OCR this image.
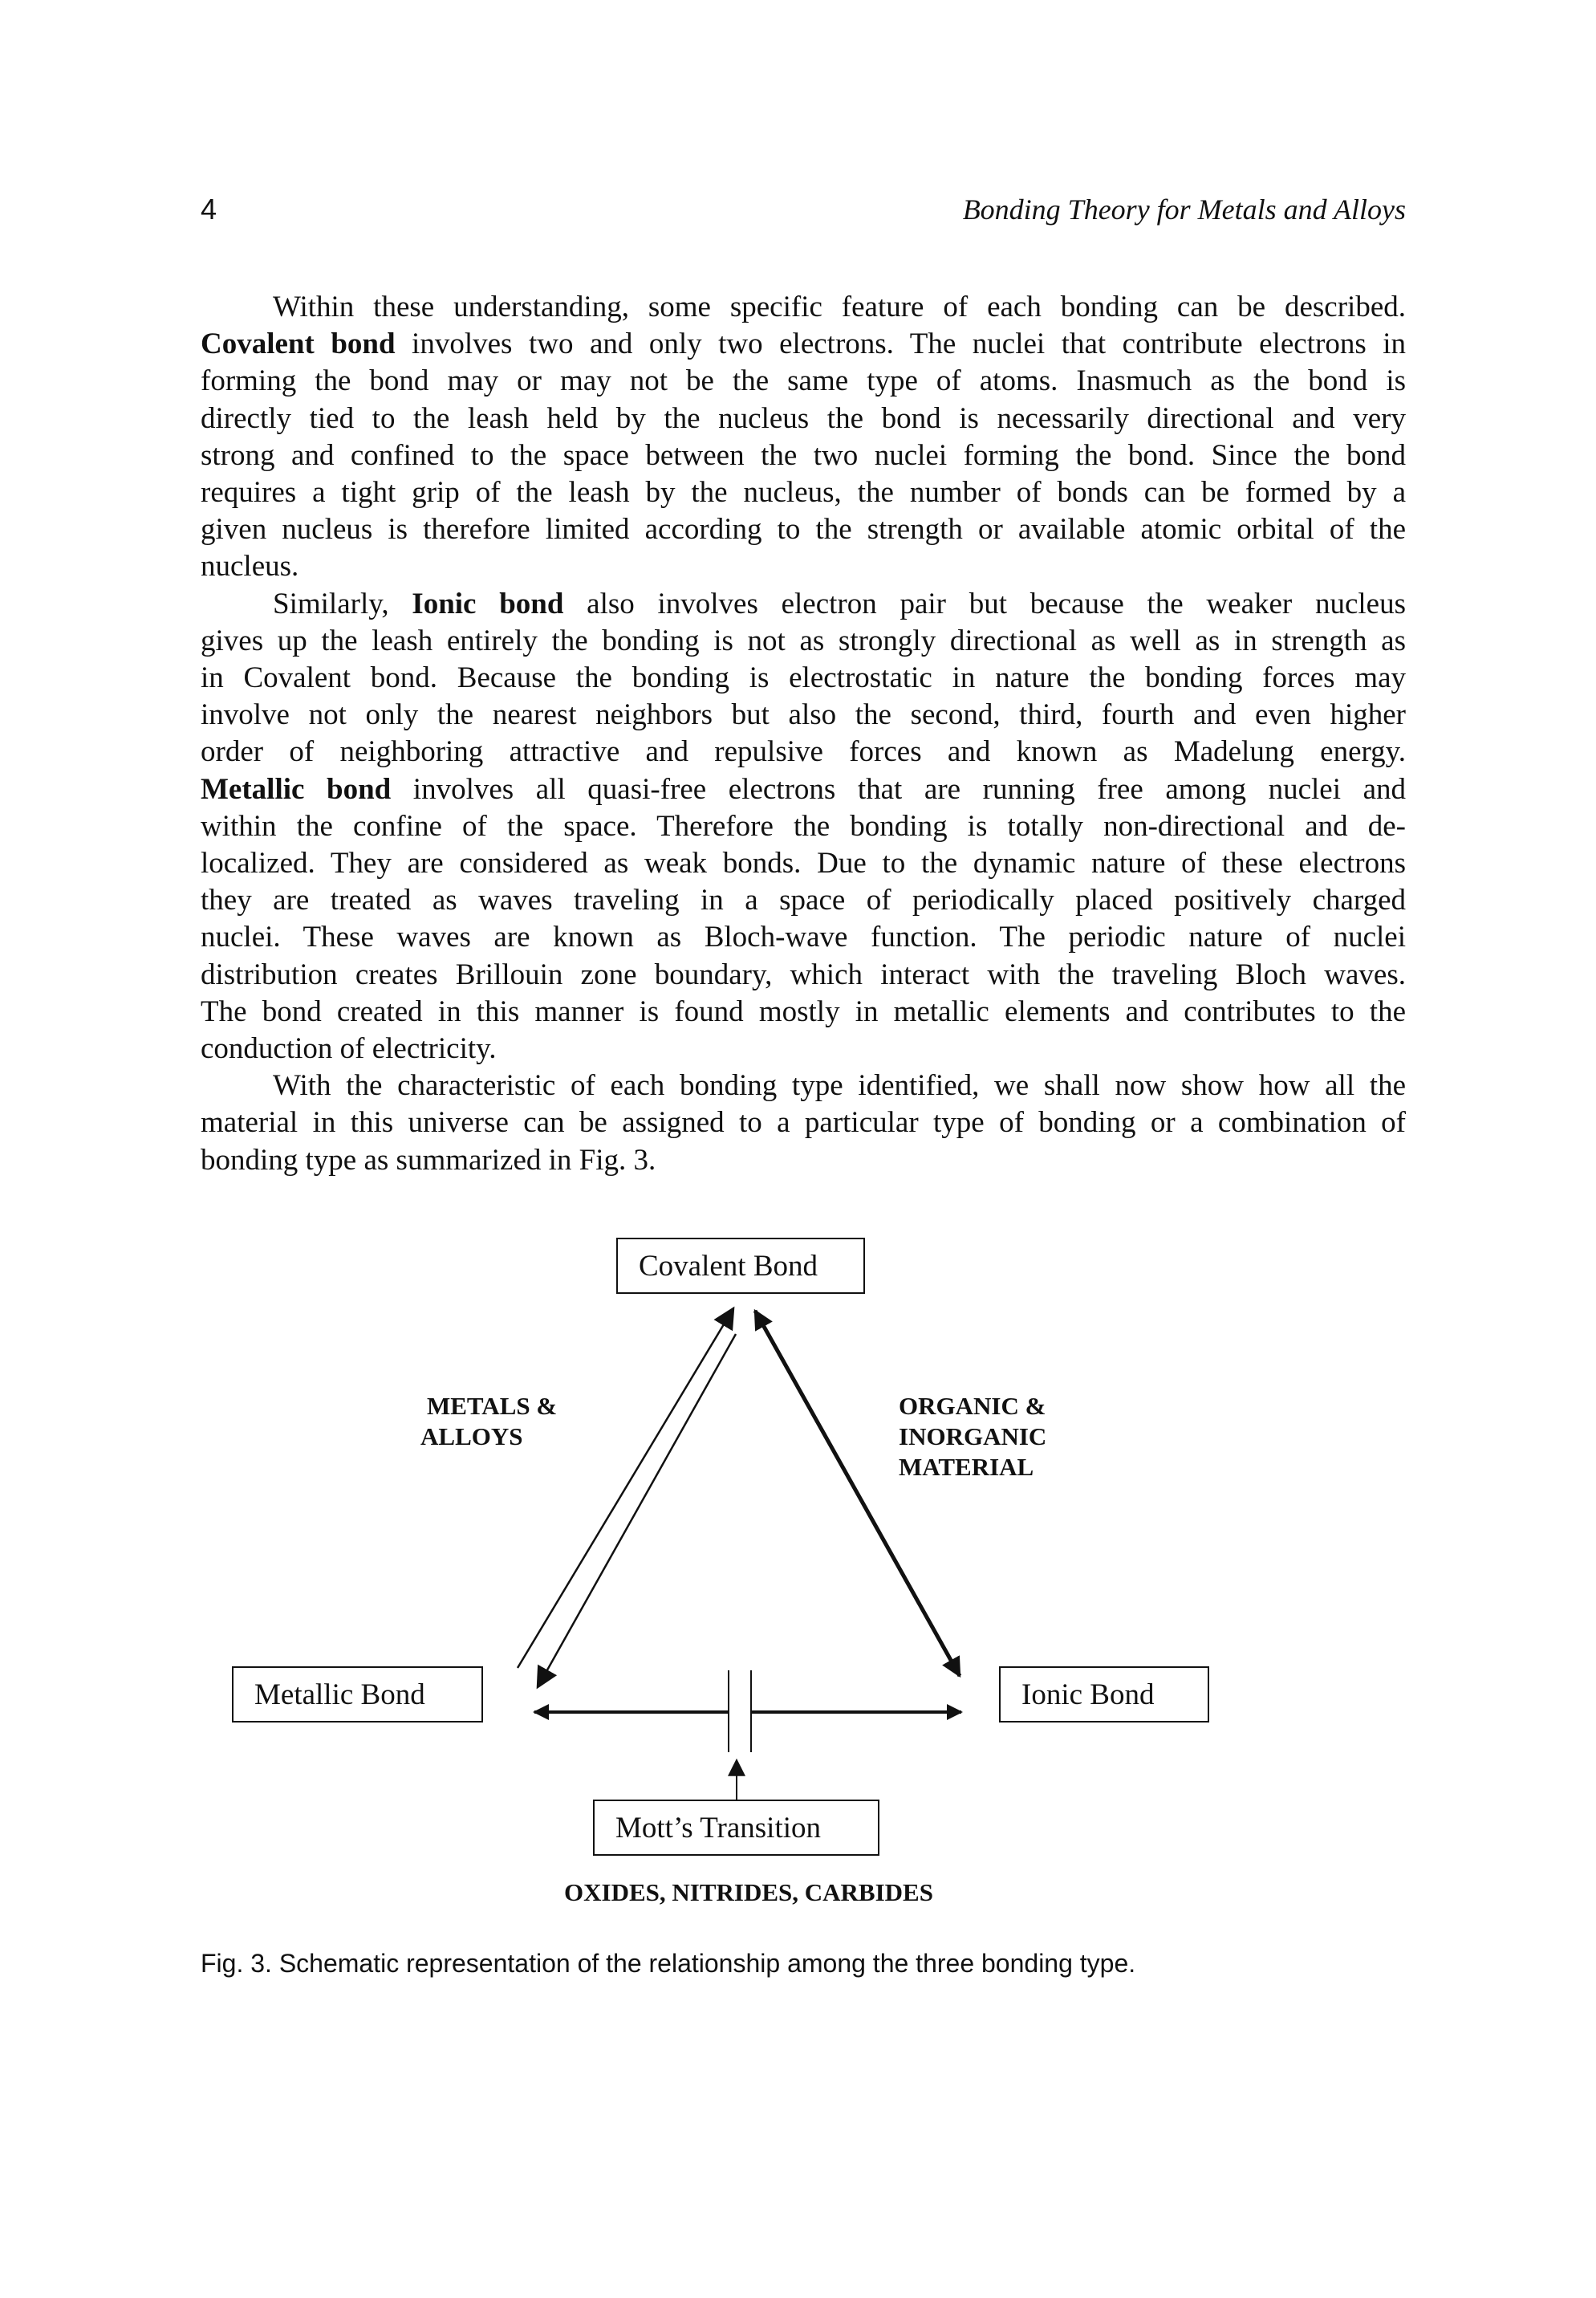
4	Bonding Theory for Metals and Alloys
Within these understanding, some specific feature of each bonding can be described.
Covalent bond involves two and only two electrons. The nuclei that contribute electrons in
forming the bond may or may not be the same type of atoms. Inasmuch as the bond is
directly tied to the leash held by the nucleus the bond is necessarily directional and very
strong and confined to the space between the two nuclei forming the bond. Since the bond
requires a tight grip of the leash by the nucleus, the number of bonds can be formed by a
given nucleus is therefore limited according to the strength or available atomic orbital of the
nucleus.
Similarly, Ionic bond also involves electron pair but because the weaker nucleus
gives up the leash entirely the bonding is not as strongly directional as well as in strength as
in Covalent bond. Because the bonding is electrostatic in nature the bonding forces may
involve not only the nearest neighbors but also the second, third, fourth and even higher
order of neighboring attractive and repulsive forces and known as Madelung energy.
Metallic bond involves all quasi-free electrons that are running free among nuclei and
within the confine of the space. Therefore the bonding is totally non-directional and de-
localized. They are considered as weak bonds. Due to the dynamic nature of these electrons
they are treated as waves traveling in a space of periodically placed positively charged
nuclei. These waves are known as Bloch-wave function. The periodic nature of nuclei
distribution creates Brillouin zone boundary, which interact with the traveling Bloch waves.
The bond created in this manner is found mostly in metallic elements and contributes to the
conduction of electricity.
With the characteristic of each bonding type identified, we shall now show how all the
material in this universe can be assigned to a particular type of bonding or a combination of
bonding type as summarized in Fig. 3.
Covalent Bond
Metallic Bond	Ionic Bond
Mott’s Transition
METALS &
ALLOYS
ORGANIC &
INORGANIC
MATERIAL
OXIDES, NITRIDES, CARBIDES
Fig. 3. Schematic representation of the relationship among the three bonding type.
